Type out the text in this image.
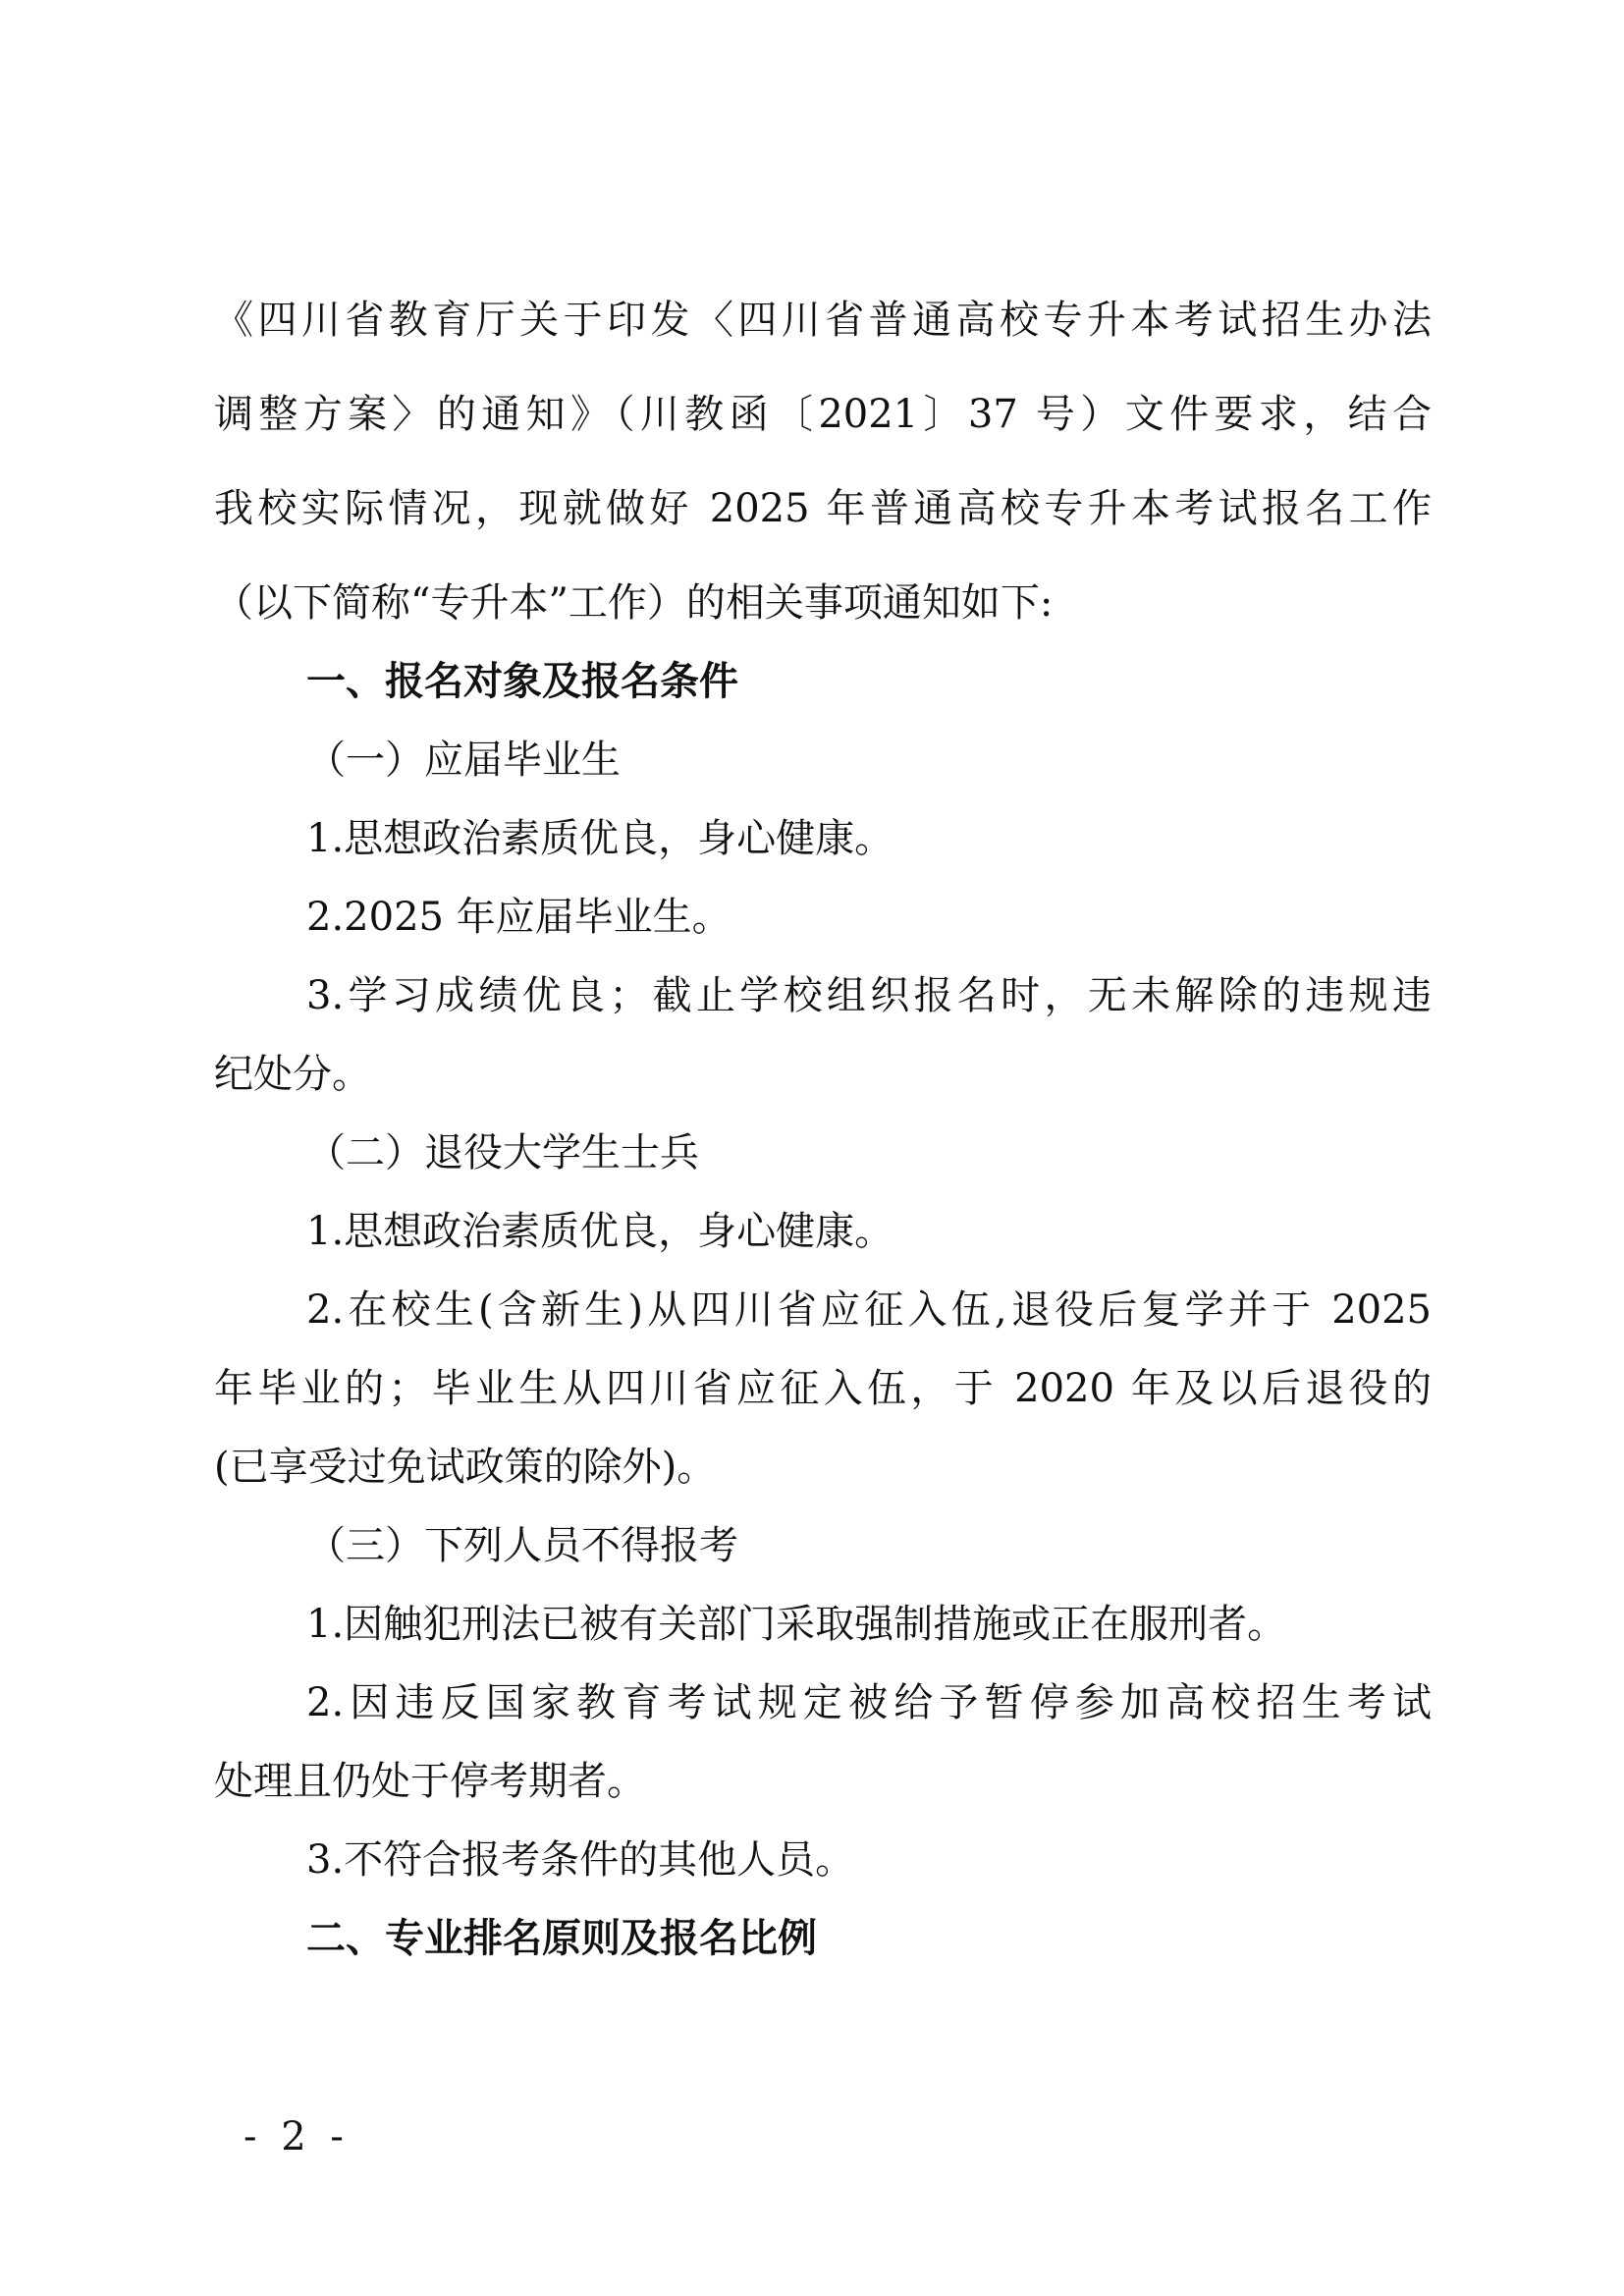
《四川省教育厅关于印发〈四川省普通高校专升本考试招生办法
调整方案〉的通知》（川教函〔2021〕37 号）文件要求，结合
我校实际情况，现就做好 2025 年普通高校专升本考试报名工作
（以下简称“专升本”工作）的相关事项通知如下:
一、报名对象及报名条件
（一）应届毕业生
1.思想政治素质优良，身心健康。
2.2025 年应届毕业生。
3.学习成绩优良；截止学校组织报名时，无未解除的违规违
纪处分。
（二）退役大学生士兵
1.思想政治素质优良，身心健康。
2.在校生(含新生)从四川省应征入伍,退役后复学并于 2025
年毕业的；毕业生从四川省应征入伍，于 2020 年及以后退役的
(已享受过免试政策的除外)。
（三）下列人员不得报考
1.因触犯刑法已被有关部门采取强制措施或正在服刑者。
2.因违反国家教育考试规定被给予暂停参加高校招生考试
处理且仍处于停考期者。
3.不符合报考条件的其他人员。
二、专业排名原则及报名比例
- 2 -
